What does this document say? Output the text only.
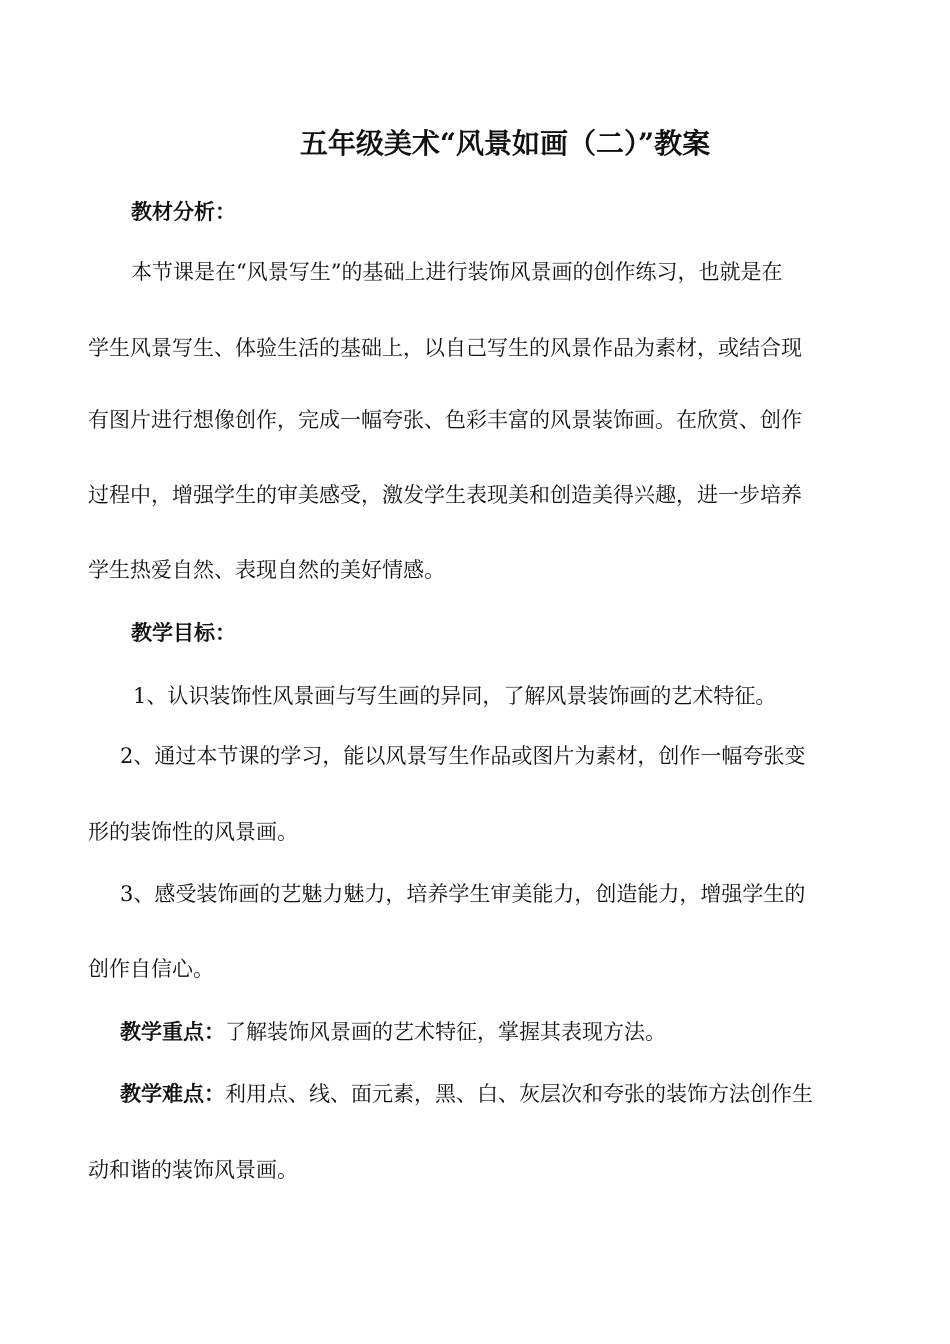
五年级美术“风景如画（二）”教案
教材分析：
本节课是在“风景写生”的基础上进行装饰风景画的创作练习，也就是在
学生风景写生、体验生活的基础上，以自己写生的风景作品为素材，或结合现
有图片进行想像创作，完成一幅夸张、色彩丰富的风景装饰画。在欣赏、创作
过程中，增强学生的审美感受，激发学生表现美和创造美得兴趣，进一步培养
学生热爱自然、表现自然的美好情感。
教学目标：
1、认识装饰性风景画与写生画的异同，了解风景装饰画的艺术特征。
2、通过本节课的学习，能以风景写生作品或图片为素材，创作一幅夸张变
形的装饰性的风景画。
3、感受装饰画的艺魅力魅力，培养学生审美能力，创造能力，增强学生的
创作自信心。
教学重点：了解装饰风景画的艺术特征，掌握其表现方法。
教学难点：利用点、线、面元素，黑、白、灰层次和夸张的装饰方法创作生
动和谐的装饰风景画。
